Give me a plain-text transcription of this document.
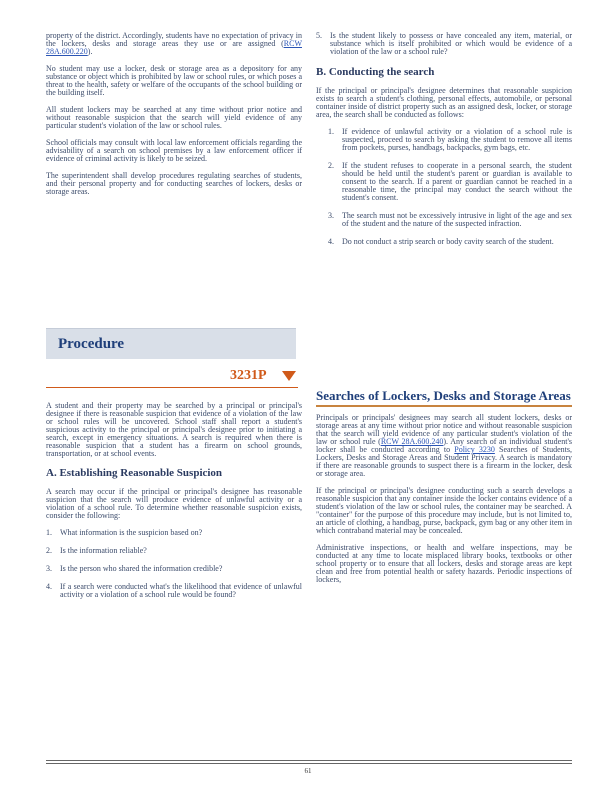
property of the district. Accordingly, students have no expectation of privacy in the lockers, desks and storage areas they use or are assigned (RCW 28A.600.220).

No student may use a locker, desk or storage area as a depository for any substance or object which is prohibited by law or school rules, or which poses a threat to the health, safety or welfare of the occupants of the school building or the building itself.

All student lockers may be searched at any time without prior notice and without reasonable suspicion that the search will yield evidence of any particular student's violation of the law or school rules.

School officials may consult with local law enforcement officials regarding the advisability of a search on school premises by a law enforcement officer if evidence of criminal activity is likely to be seized.

The superintendent shall develop procedures regulating searches of students, and their personal property and for conducting searches of lockers, desks or storage areas.

Procedure
3231P

A student and their property may be searched by a principal or principal's designee if there is reasonable suspicion that evidence of a violation of the law or school rules will be uncovered. School staff shall report a student's suspicious activity to the principal or principal's designee prior to initiating a search, except in emergency situations. A search is required when there is reasonable suspicion that a student has a firearm on school grounds, transportation, or at school events.

A. Establishing Reasonable Suspicion

A search may occur if the principal or principal's designee has reasonable suspicion that the search will produce evidence of unlawful activity or a violation of a school rule. To determine whether reasonable suspicion exists, consider the following:

1. What information is the suspicion based on?
2. Is the information reliable?
3. Is the person who shared the information credible?
4. If a search were conducted what's the likelihood that evidence of unlawful activity or a violation of a school rule would be found?
5. Is the student likely to possess or have concealed any item, material, or substance which is itself prohibited or which would be evidence of a violation of the law or a school rule?
B. Conducting the search

If the principal or principal's designee determines that reasonable suspicion exists to search a student's clothing, personal effects, automobile, or personal container inside of district property such as an assigned desk, locker, or storage area, the search shall be conducted as follows:

1. If evidence of unlawful activity or a violation of a school rule is suspected, proceed to search by asking the student to remove all items from pockets, purses, handbags, backpacks, gym bags, etc.
2. If the student refuses to cooperate in a personal search, the student should be held until the student's parent or guardian is available to consent to the search. If a parent or guardian cannot be reached in a reasonable time, the principal may conduct the search without the student's consent.
3. The search must not be excessively intrusive in light of the age and sex of the student and the nature of the suspected infraction.
4. Do not conduct a strip search or body cavity search of the student.
Searches of Lockers, Desks and Storage Areas

Principals or principals' designees may search all student lockers, desks or storage areas at any time without prior notice and without reasonable suspicion that the search will yield evidence of any particular student's violation of the law or school rule (RCW 28A.600.240). Any search of an individual student's locker shall be conducted according to Policy 3230 Searches of Students, Lockers, Desks and Storage Areas and Student Privacy. A search is mandatory if there are reasonable grounds to suspect there is a firearm in the locker, desk or storage area.

If the principal or principal's designee conducting such a search develops a reasonable suspicion that any container inside the locker contains evidence of a student's violation of the law or school rules, the container may be searched. A "container" for the purpose of this procedure may include, but is not limited to, an article of clothing, a handbag, purse, backpack, gym bag or any other item in which contraband material may be concealed.

Administrative inspections, or health and welfare inspections, may be conducted at any time to locate misplaced library books, textbooks or other school property or to ensure that all lockers, desks and storage areas are kept clean and free from potential health or safety hazards. Periodic inspections of lockers,

61
